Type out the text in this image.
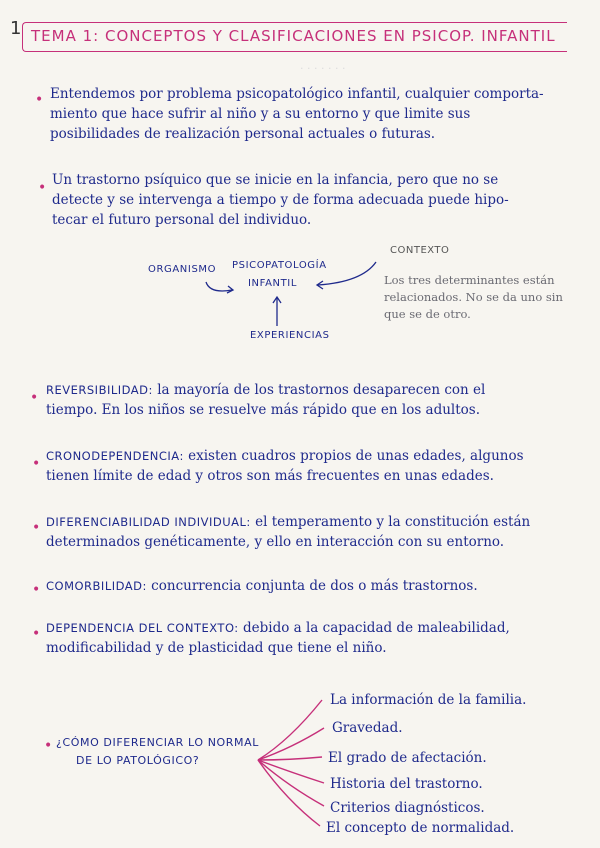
· · · · · · ·
1 TEMA 1: CONCEPTOS Y CLASIFICACIONES EN PSICOP. INFANTIL
• Entendemos por problema psicopatológico infantil, cualquier comporta-
miento que hace sufrir al niño y a su entorno y que limite sus
posibilidades de realización personal actuales o futuras.
• Un trastorno psíquico que se inicie en la infancia, pero que no se
detecte y se intervenga a tiempo y de forma adecuada puede hipo-
tecar el futuro personal del individuo.
ORGANISMO PSICOPATOLOGÍA
INFANTIL
CONTEXTO
EXPERIENCIAS
Los tres determinantes están
relacionados. No se da uno sin
que se de otro.
• REVERSIBILIDAD: la mayoría de los trastornos desaparecen con el
tiempo. En los niños se resuelve más rápido que en los adultos.
• CRONODEPENDENCIA: existen cuadros propios de unas edades, algunos
tienen límite de edad y otros son más frecuentes en unas edades.
• DIFERENCIABILIDAD INDIVIDUAL: el temperamento y la constitución están
determinados genéticamente, y ello en interacción con su entorno.
• COMORBILIDAD: concurrencia conjunta de dos o más trastornos.
• DEPENDENCIA DEL CONTEXTO: debido a la capacidad de maleabilidad,
modificabilidad y de plasticidad que tiene el niño.
• ¿CÓMO DIFERENCIAR LO NORMAL
DE LO PATOLÓGICO?
La información de la familia.
Gravedad.
El grado de afectación.
Historia del trastorno.
Criterios diagnósticos.
El concepto de normalidad.
